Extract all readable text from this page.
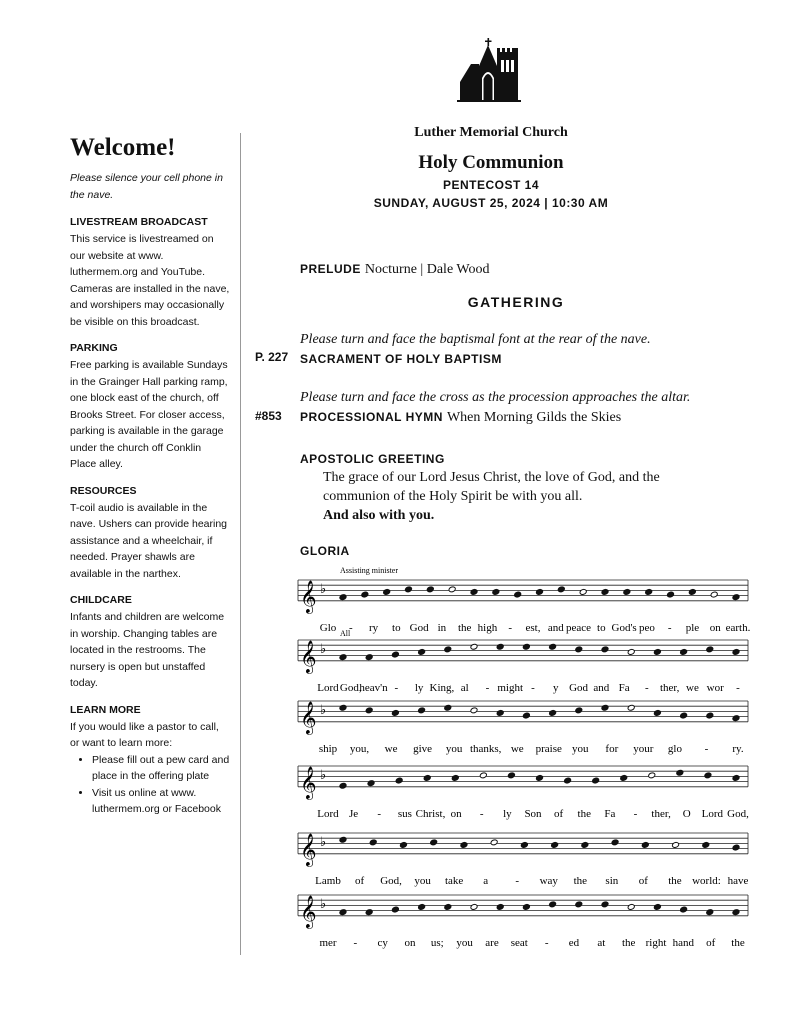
Welcome!
Please silence your cell phone in the nave.
LIVESTREAM BROADCAST
This service is livestreamed on our website at www. luthermem.org and YouTube. Cameras are installed in the nave, and worshipers may occasionally be visible on this broadcast.
PARKING
Free parking is available Sundays in the Grainger Hall parking ramp, one block east of the church, off Brooks Street. For closer access, parking is available in the garage under the church off Conklin Place alley.
RESOURCES
T-coil audio is available in the nave. Ushers can provide hearing assistance and a wheelchair, if needed. Prayer shawls are available in the narthex.
CHILDCARE
Infants and children are welcome in worship. Changing tables are located in the restrooms. The nursery is open but unstaffed today.
LEARN MORE
If you would like a pastor to call, or want to learn more:
• Please fill out a pew card and place in the offering plate
• Visit us online at www. luthermem.org or Facebook
Luther Memorial Church
Holy Communion
PENTECOST 14
SUNDAY, AUGUST 25, 2024 | 10:30 AM
PRELUDE Nocturne | Dale Wood
GATHERING
Please turn and face the baptismal font at the rear of the nave.
P. 227 SACRAMENT OF HOLY BAPTISM
Please turn and face the cross as the procession approaches the altar.
#853 PROCESSIONAL HYMN When Morning Gilds the Skies
APOSTOLIC GREETING
The grace of our Lord Jesus Christ, the love of God, and the communion of the Holy Spirit be with you all.
And also with you.
GLORIA
𝄞 ♭
Glo - ry to God in the high - est, and peace to God's peo - ple on earth.
𝄞 ♭
Lord God,
heav'n - ly King, al - might - y God and Fa - ther, we wor -
𝄞 ♭
ship you, we give you thanks, we praise you for your glo - ry.
𝄞 ♭
Lord Je - sus Christ, on - ly Son of the Fa - ther, O Lord God,
𝄞 ♭
Lamb of God, you take a - way the sin of the world: have
𝄞 ♭
mer - cy on us; you are seat - ed at the right hand of the
Assisting minister
All
